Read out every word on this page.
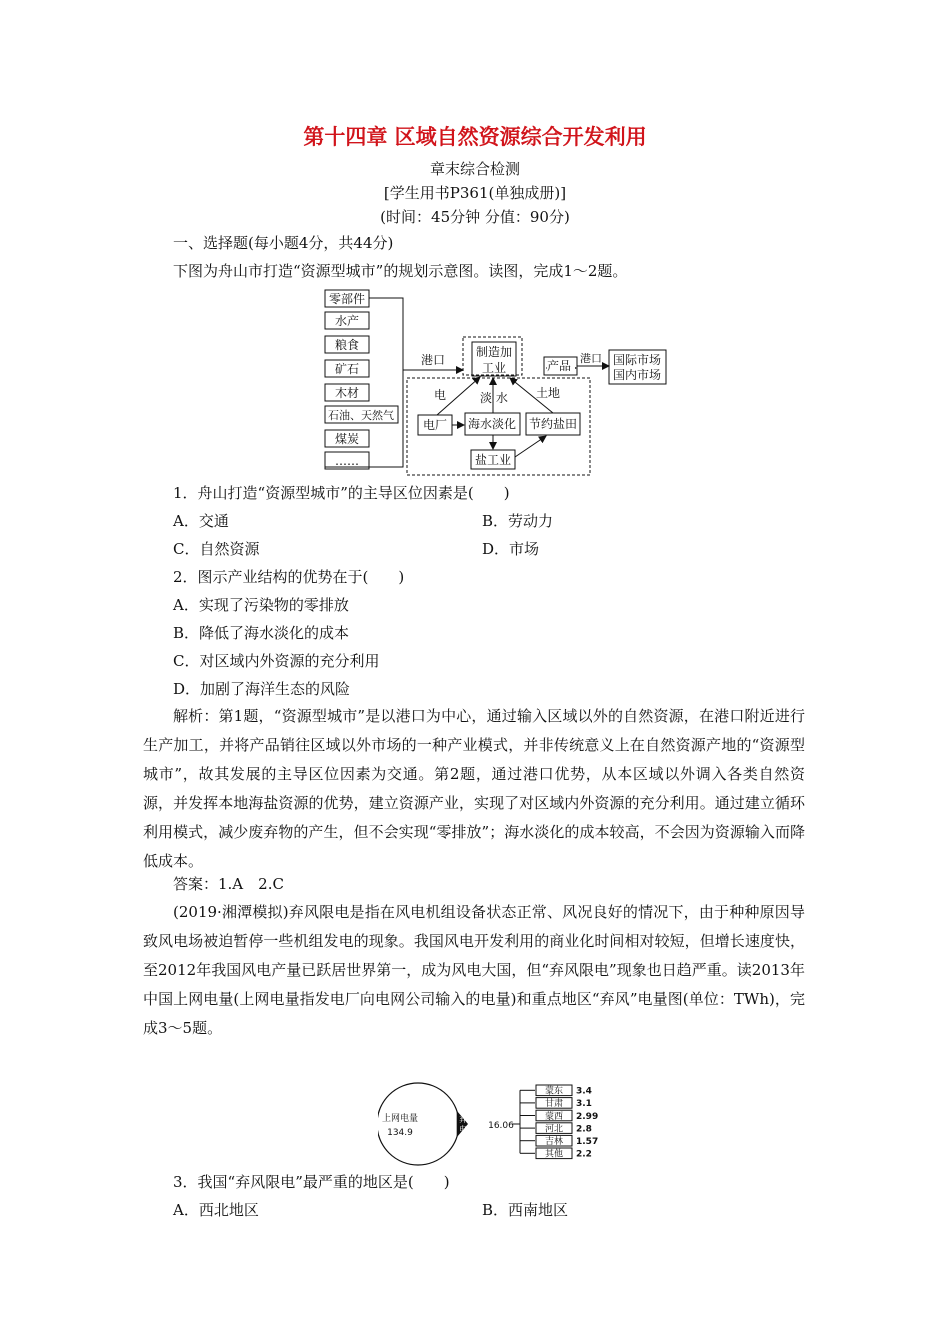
第十四章 区域自然资源综合开发利用
章末综合检测
[学生用书P361(单独成册)]
(时间：45分钟 分值：90分)
一、选择题(每小题4分，共44分)
下图为舟山市打造“资源型城市”的规划示意图。读图，完成1～2题。
零部件
水产
粮食
矿石
木材
石油、天然气
煤炭
……
港口
制造加
工业	产品
港口 国际市场
国内市场
电	淡 水 土地
电厂 海水淡化 节约盐田
盐工业
1．舟山打造“资源型城市”的主导区位因素是(　　)
A．交通	B．劳动力
C．自然资源	D．市场
2．图示产业结构的优势在于(　　)
A．实现了污染物的零排放
B．降低了海水淡化的成本
C．对区域内外资源的充分利用
D．加剧了海洋生态的风险
解析：第1题，“资源型城市”是以港口为中心，通过输入区域以外的自然资源，在港口附近进行生产加工，并将产品销往区域以外市场的一种产业模式，并非传统意义上在自然资源产地的“资源型城市”，故其发展的主导区位因素为交通。第2题，通过港口优势，从本区域以外调入各类自然资源，并发挥本地海盐资源的优势，建立资源产业，实现了对区域内外资源的充分利用。通过建立循环利用模式，减少废弃物的产生，但不会实现“零排放”；海水淡化的成本较高，不会因为资源输入而降低成本。
答案：1.A　2.C
(2019·湘潭模拟)弃风限电是指在风电机组设备状态正常、风况良好的情况下，由于种种原因导致风电场被迫暂停一些机组发电的现象。我国风电开发利用的商业化时间相对较短，但增长速度快，至2012年我国风电产量已跃居世界第一，成为风电大国，但“弃风限电”现象也日趋严重。读2013年中国上网电量(上网电量指发电厂向电网公司输入的电量)和重点地区“弃风”电量图(单位：TWh)，完成3～5题。
上网电量
134.9
弃风
电量 16.06
蒙东 3.4
甘肃 3.1
蒙西 2.99
河北 2.8
吉林 1.57
其他 2.2
3．我国“弃风限电”最严重的地区是(　　)
A．西北地区	B．西南地区
